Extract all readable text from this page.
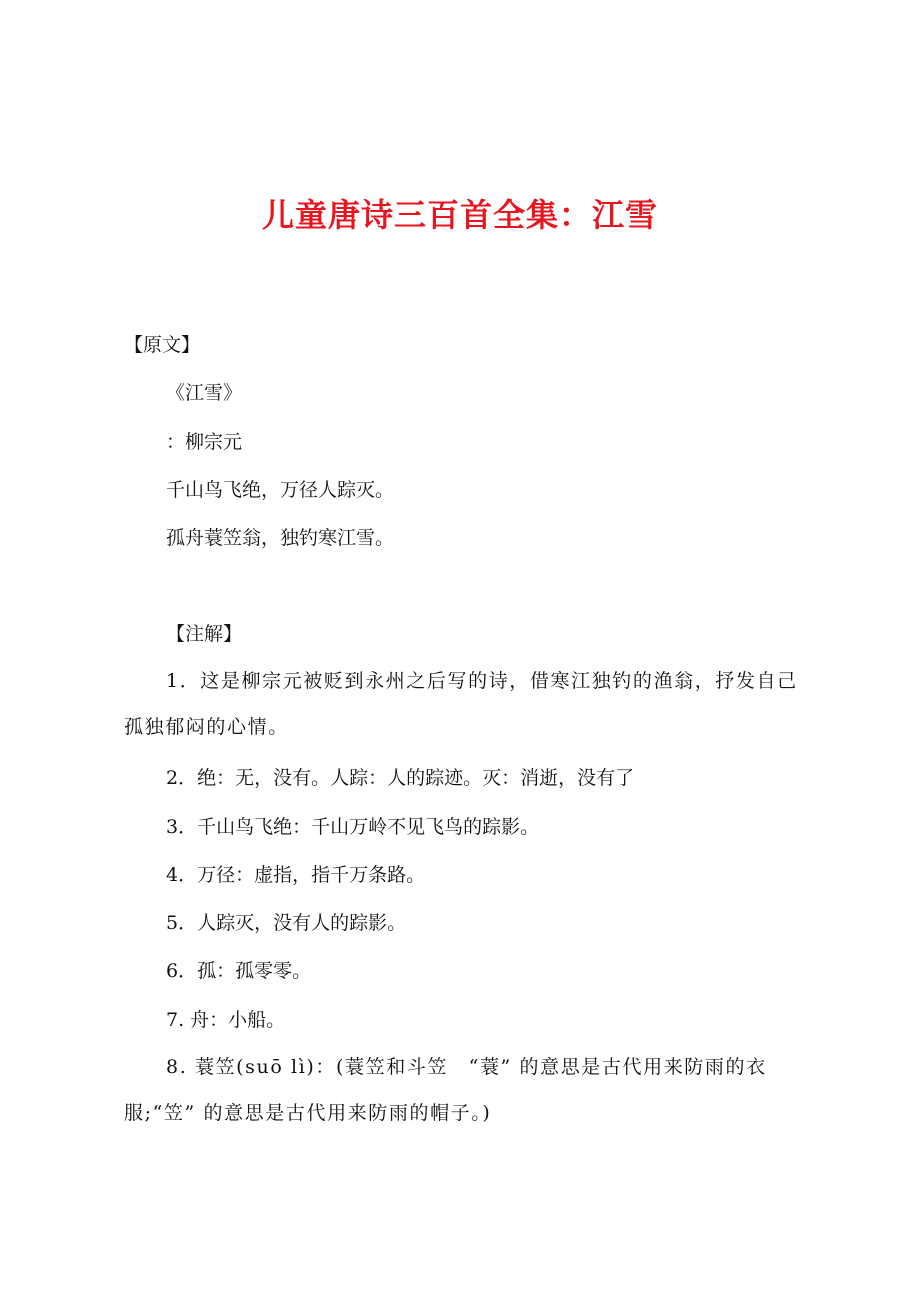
儿童唐诗三百首全集：江雪
【原文】
《江雪》
：柳宗元
千山鸟飞绝，万径人踪灭。
孤舟蓑笠翁，独钓寒江雪。
【注解】
1．这是柳宗元被贬到永州之后写的诗，借寒江独钓的渔翁，抒发自己孤独郁闷的心情。
2．绝：无，没有。人踪：人的踪迹。灭：消逝，没有了
3．千山鸟飞绝：千山万岭不见飞鸟的踪影。
4．万径：虚指，指千万条路。
5．人踪灭，没有人的踪影。
6．孤：孤零零。
7. 舟：小船。
8. 蓑笠(suō lì)：(蓑笠和斗笠　“蓑” 的意思是古代用来防雨的衣服;“笠” 的意思是古代用来防雨的帽子。)
